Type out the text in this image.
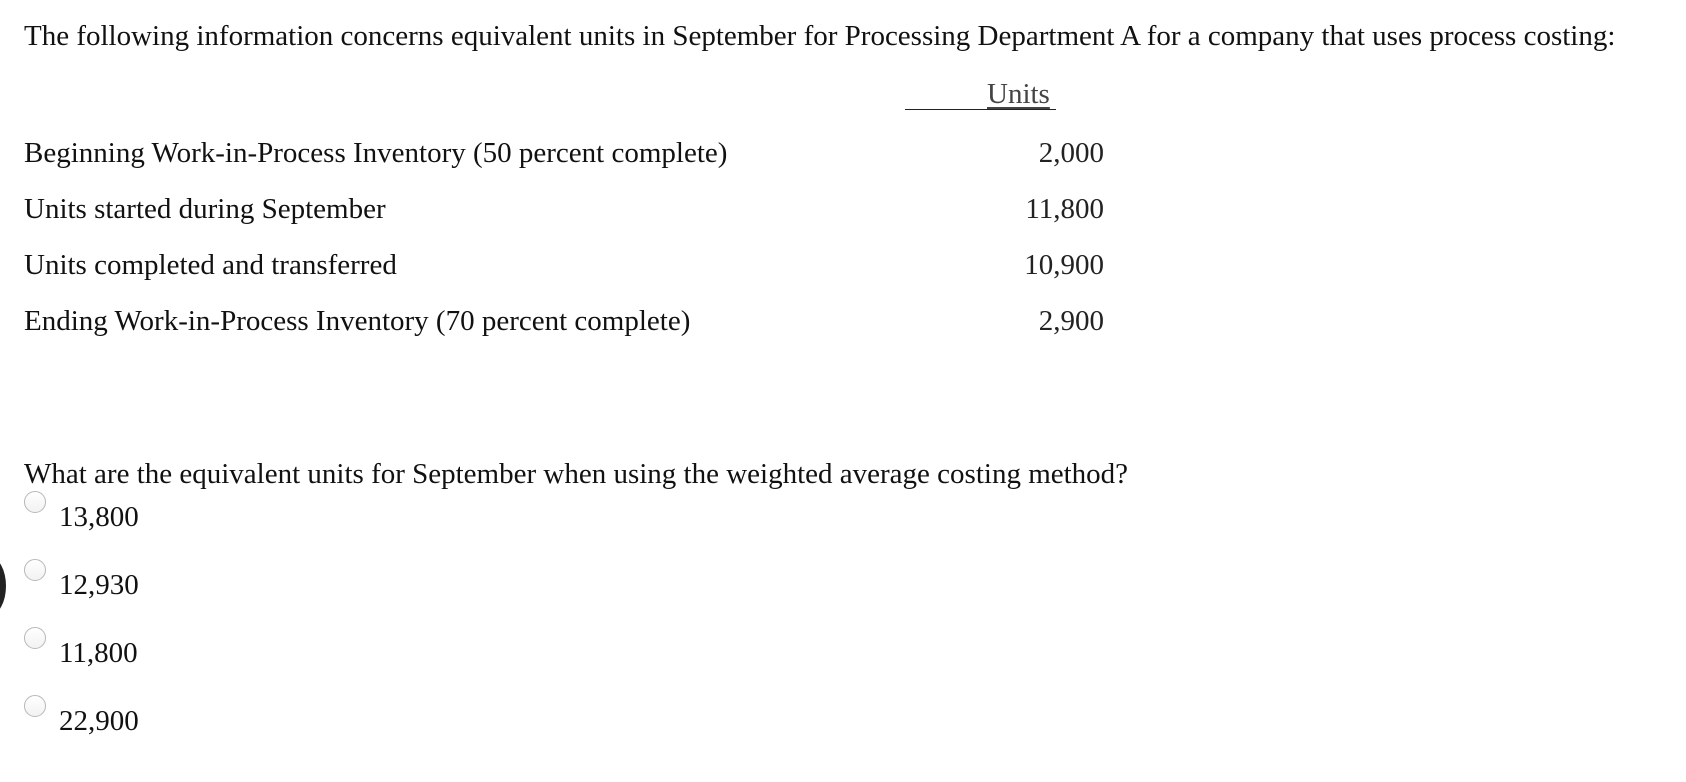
The following information concerns equivalent units in September for Processing Department A for a company that uses process costing:
Units
Beginning Work-in-Process Inventory (50 percent complete)	2,000
Units started during September	11,800
Units completed and transferred	10,900
Ending Work-in-Process Inventory (70 percent complete)	2,900
What are the equivalent units for September when using the weighted average costing method?
13,800
12,930
11,800
22,900
